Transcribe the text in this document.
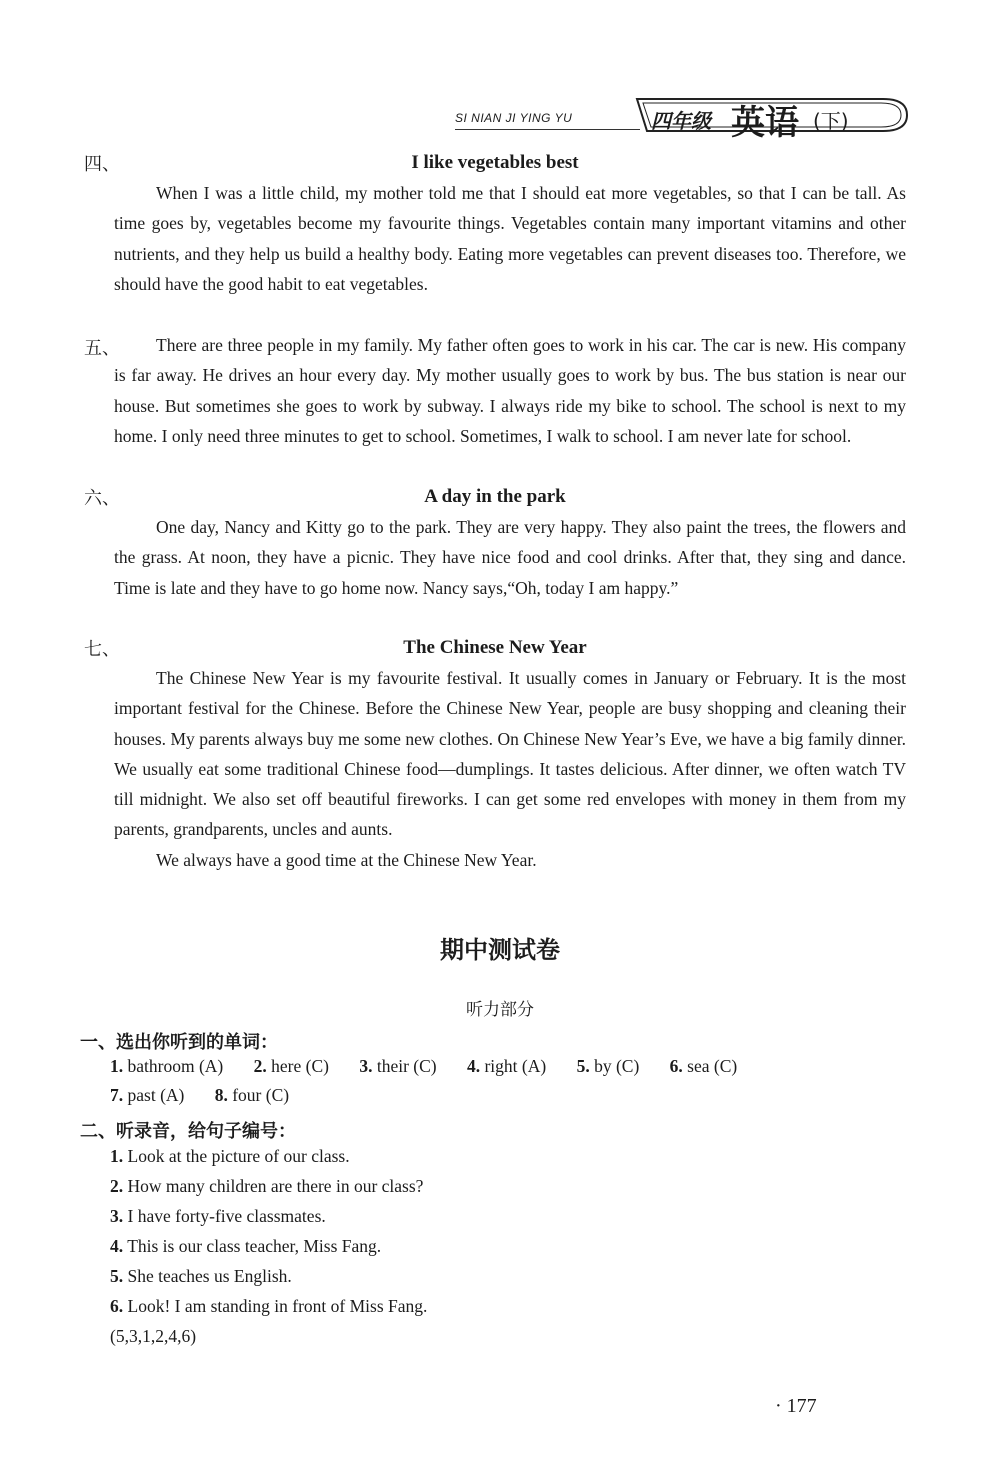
SI NIAN JI YING YU	四年级 英语 (下)
四、	I like vegetables best

When I was a little child, my mother told me that I should eat more vegetables, so that I can be tall. As time goes by, vegetables become my favourite things. Vegetables contain many important vitamins and other nutrients, and they help us build a healthy body. Eating more vegetables can prevent diseases too. Therefore, we should have the good habit to eat vegetables.

五、	There are three people in my family. My father often goes to work in his car. The car is new. His company is far away. He drives an hour every day. My mother usually goes to work by bus. The bus station is near our house. But sometimes she goes to work by subway. I always ride my bike to school. The school is next to my home. I only need three minutes to get to school. Sometimes, I walk to school. I am never late for school.

六、	A day in the park

One day, Nancy and Kitty go to the park. They are very happy. They also paint the trees, the flowers and the grass. At noon, they have a picnic. They have nice food and cool drinks. After that, they sing and dance. Time is late and they have to go home now. Nancy says,“Oh, today I am happy.”

七、	The Chinese New Year

The Chinese New Year is my favourite festival. It usually comes in January or February. It is the most important festival for the Chinese. Before the Chinese New Year, people are busy shopping and cleaning their houses. My parents always buy me some new clothes. On Chinese New Year’s Eve, we have a big family dinner. We usually eat some traditional Chinese food—dumplings. It tastes delicious. After dinner, we often watch TV till midnight. We also set off beautiful fireworks. I can get some red envelopes with money in them from my parents, grandparents, uncles and aunts.

We always have a good time at the Chinese New Year.

期中测试卷
听力部分
一、选出你听到的单词：
1. bathroom (A) 2. here (C) 3. their (C) 4. right (A) 5. by (C) 6. sea (C)
7. past (A) 8. four (C)
二、听录音，给句子编号：
1. Look at the picture of our class.
2. How many children are there in our class?
3. I have forty-five classmates.
4. This is our class teacher, Miss Fang.
5. She teaches us English.
6. Look! I am standing in front of Miss Fang.
(5,3,1,2,4,6)
· 177
